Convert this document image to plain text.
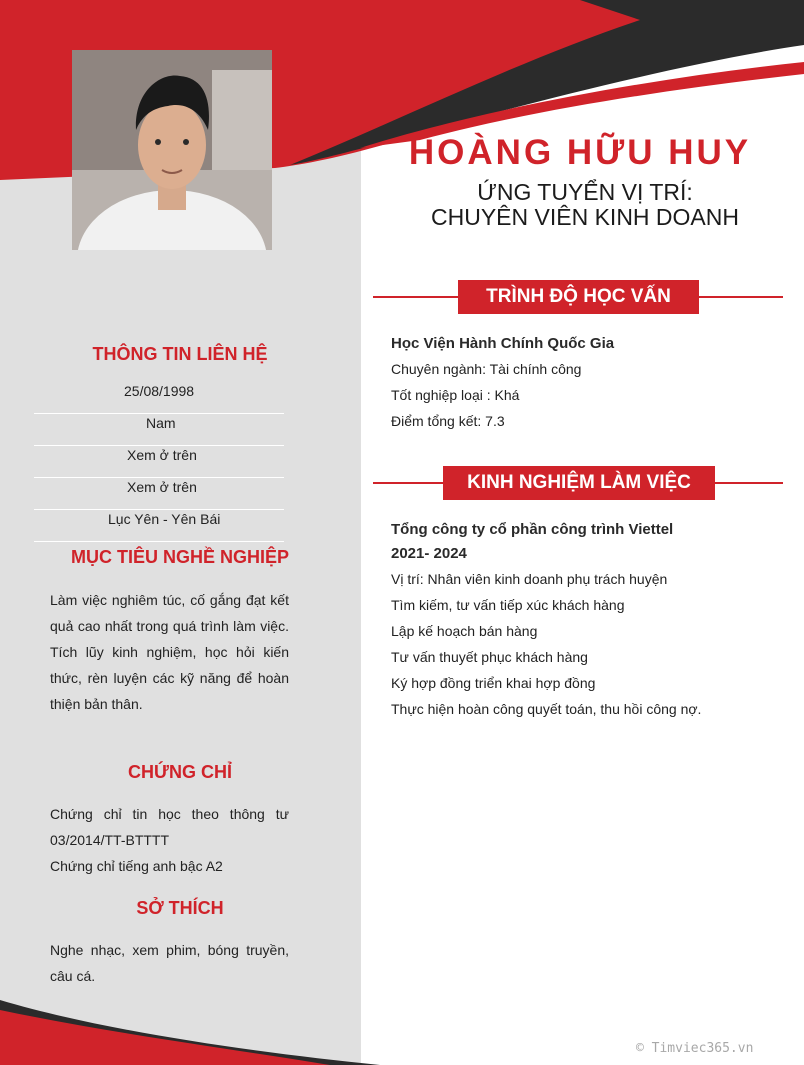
HOÀNG HỮU HUY
ỨNG TUYỂN VỊ TRÍ:
CHUYÊN VIÊN KINH DOANH
THÔNG TIN LIÊN HỆ
25/08/1998
Nam
Xem ở trên
Xem ở trên
Lục Yên - Yên Bái
MỤC TIÊU NGHỀ NGHIỆP
Làm việc nghiêm túc, cố gắng đạt kết
quả cao nhất trong quá trình làm việc.
Tích lũy kinh nghiệm, học hỏi kiến
thức, rèn luyện các kỹ năng để hoàn
thiện bản thân.
CHỨNG CHỈ
Chứng chỉ tin học theo thông tư
03/2014/TT-BTTTT
Chứng chỉ tiếng anh bậc A2
SỞ THÍCH
Nghe nhạc, xem phim, bóng truyền,
câu cá.
TRÌNH ĐỘ HỌC VẤN
Học Viện Hành Chính Quốc Gia
Chuyên ngành: Tài chính công
Tốt nghiệp loại : Khá
Điểm tổng kết: 7.3
KINH NGHIỆM LÀM VIỆC
Tổng công ty cổ phần công trình Viettel
2021- 2024
Vị trí: Nhân viên kinh doanh phụ trách huyện
Tìm kiếm, tư vấn tiếp xúc khách hàng
Lập kế hoạch bán hàng
Tư vấn thuyết phục khách hàng
Ký hợp đồng triển khai hợp đồng
Thực hiện hoàn công quyết toán, thu hồi công nợ.
© Timviec365.vn
